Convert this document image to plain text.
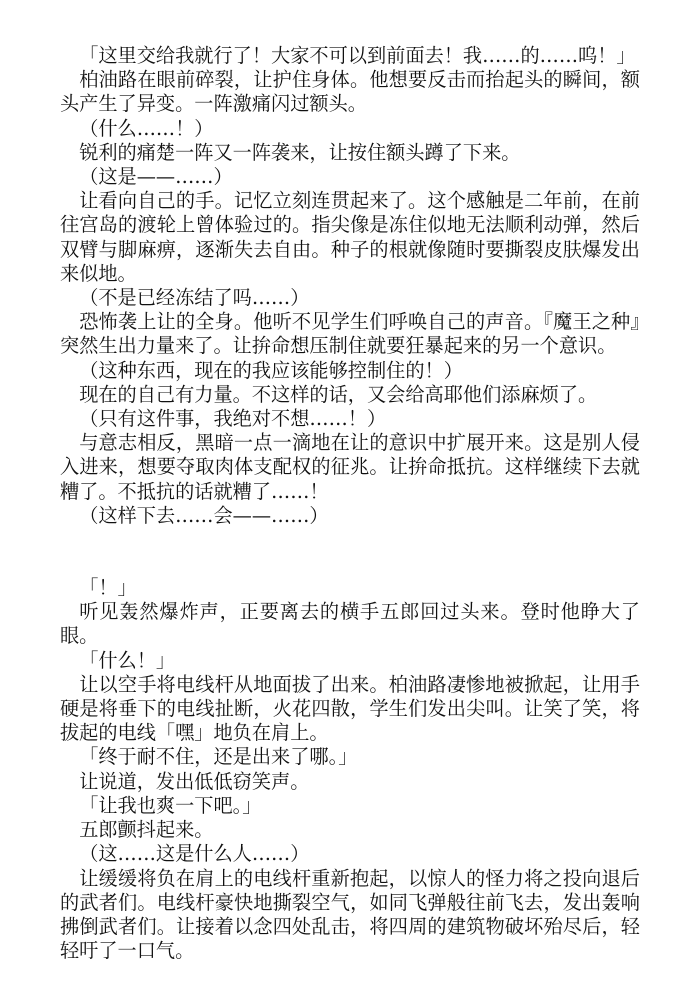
「这里交给我就行了！大家不可以到前面去！我……的……呜！」

柏油路在眼前碎裂，让护住身体。他想要反击而抬起头的瞬间，额头产生了异变。一阵激痛闪过额头。

（什么……！）

锐利的痛楚一阵又一阵袭来，让按住额头蹲了下来。

（这是——……）

让看向自己的手。记忆立刻连贯起来了。这个感触是二年前，在前往宫岛的渡轮上曾体验过的。指尖像是冻住似地无法顺利动弹，然后双臂与脚麻痹，逐渐失去自由。种子的根就像随时要撕裂皮肤爆发出来似地。

（不是已经冻结了吗……）

恐怖袭上让的全身。他听不见学生们呼唤自己的声音。『魔王之种』突然生出力量来了。让拚命想压制住就要狂暴起来的另一个意识。

（这种东西，现在的我应该能够控制住的！）

现在的自己有力量。不这样的话，又会给高耶他们添麻烦了。

（只有这件事，我绝对不想……！）

与意志相反，黑暗一点一滴地在让的意识中扩展开来。这是别人侵入进来，想要夺取肉体支配权的征兆。让拚命抵抗。这样继续下去就糟了。不抵抗的话就糟了……！

（这样下去……会——……）

「！」

听见轰然爆炸声，正要离去的横手五郎回过头来。登时他睁大了眼。

「什么！」

让以空手将电线杆从地面拔了出来。柏油路凄惨地被掀起，让用手硬是将垂下的电线扯断，火花四散，学生们发出尖叫。让笑了笑，将拔起的电线「嘿」地负在肩上。

「终于耐不住，还是出来了哪。」

让说道，发出低低窃笑声。

「让我也爽一下吧。」

五郎颤抖起来。

（这……这是什么人……）

让缓缓将负在肩上的电线杆重新抱起，以惊人的怪力将之投向退后的武者们。电线杆豪快地撕裂空气，如同飞弹般往前飞去，发出轰响拂倒武者们。让接着以念四处乱击，将四周的建筑物破坏殆尽后，轻轻吁了一口气。
